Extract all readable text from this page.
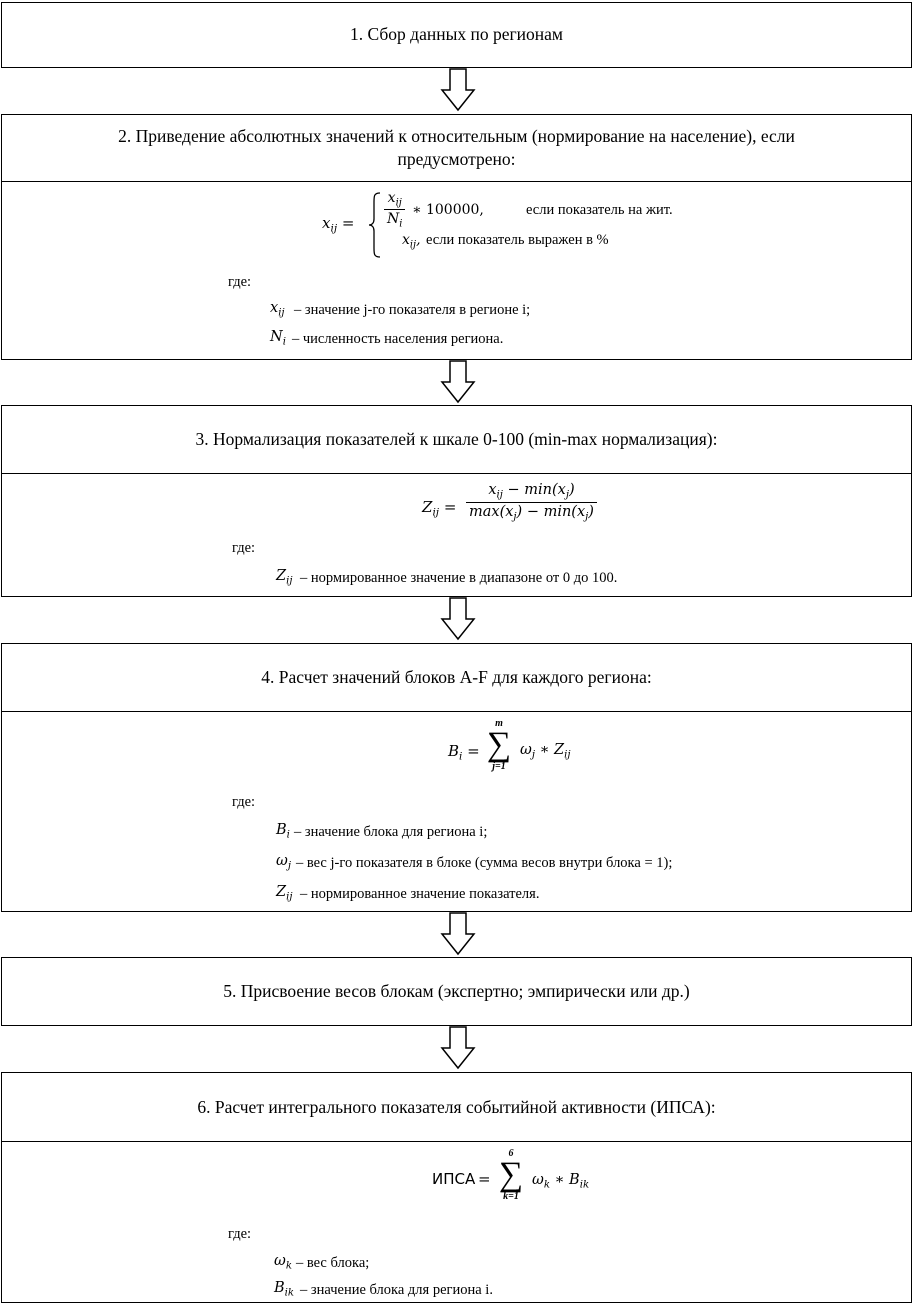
1. Сбор данных по регионам
2. Приведение абсолютных значений к относительным (нормирование на население), если предусмотрено:
$x_{ij} = \frac{x_{ij}}{N_i}$ ∗ 100000,	если показатель на жит.
$x_{ij}$, если показатель выражен в %
где:
$x_{ij}$ – значение j-го показателя в регионе i;
$N_i$ – численность населения региона.
3. Нормализация показателей к шкале 0-100 (min-max нормализация):
$Z_{ij} = \frac{x_{ij} - \min(x_j)}{\max(x_j) - \min(x_j)}$
где:
$Z_{ij}$ – нормированное значение в диапазоне от 0 до 100.
4. Расчет значений блоков A-F для каждого региона:
$B_i$ =
m
∑
j=1
$\omega_j$ ∗ $Z_{ij}$
где:
$B_i$ – значение блока для региона i;
$\omega_j$ – вес j-го показателя в блоке (сумма весов внутри блока = 1);
$Z_{ij}$ – нормированное значение показателя.
5. Присвоение весов блокам (экспертно; эмпирически или др.)
6. Расчет интегрального показателя событийной активности (ИПСА):
ИПСА =
6
∑
k=1
$\omega_k$ ∗ $B_{ik}$
где:
$\omega_k$ – вес блока;
$B_{ik}$ – значение блока для региона i.
